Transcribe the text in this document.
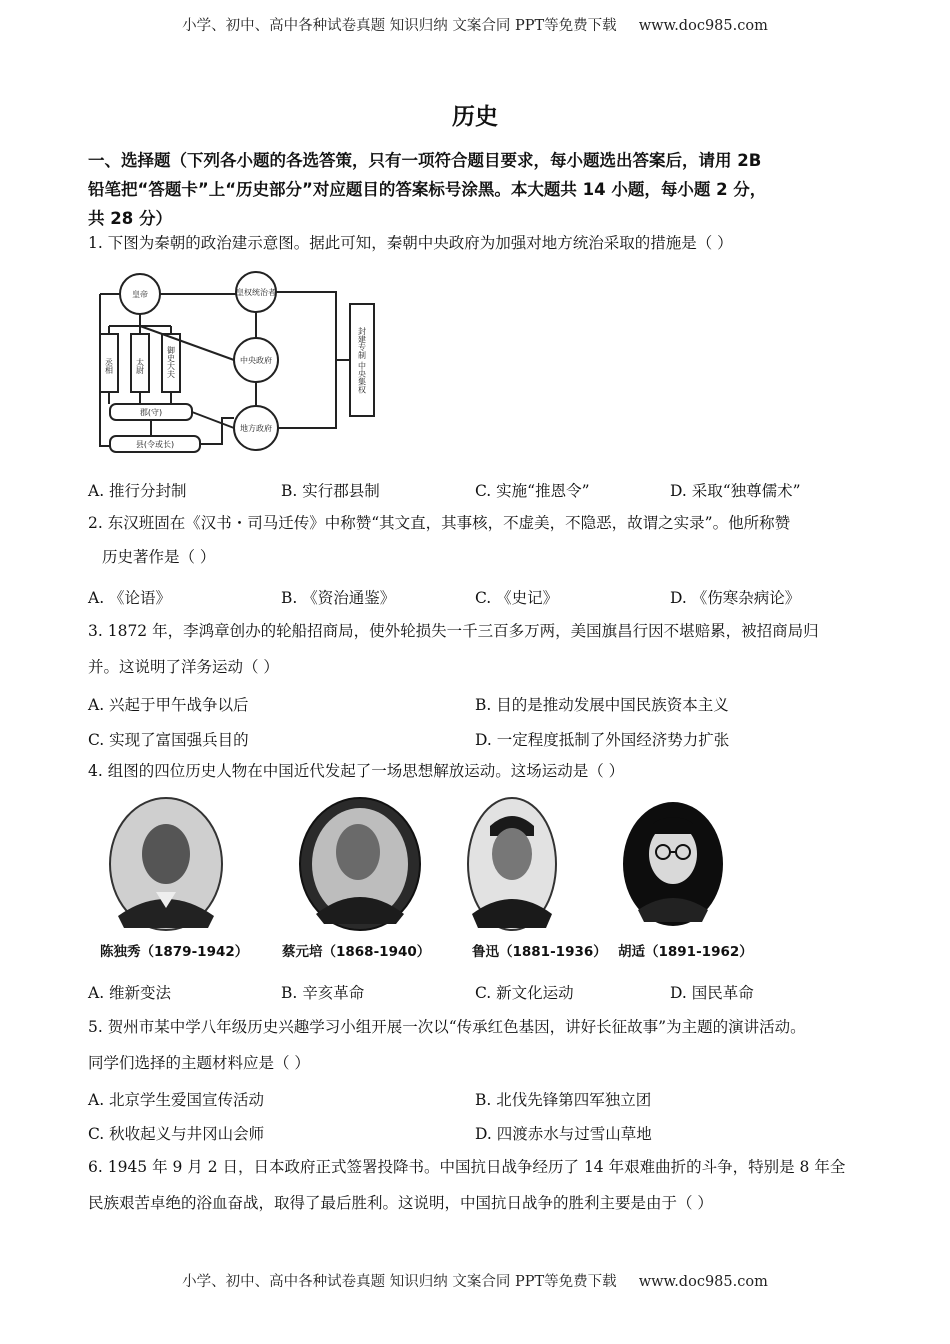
小学、初中、高中各种试卷真题 知识归纳 文案合同 PPT等免费下载 www.doc985.com
历史
一、选择题（下列各小题的各选答策，只有一项符合题目要求，每小题选出答案后，请用 2B
铅笔把“答题卡”上“历史部分”对应题目的答案标号涂黑。本大题共 14 小题，每小题 2 分，
共 28 分）
1. 下图为秦朝的政治建示意图。据此可知，秦朝中央政府为加强对地方统治采取的措施是（ ）
皇帝	皇权统治者
中央政府
地方政府
郡(守)
县(令或长)
丞相	太尉	御史大夫	封建专制 中央集权
A. 推行分封制	B. 实行郡县制	C. 实施“推恩令”	D. 采取“独尊儒术”
2. 东汉班固在《汉书・司马迁传》中称赞“其文直，其事核，不虚美，不隐恶，故谓之实录”。他所称赞
历史著作是（ ）
A. 《论语》	B. 《资治通鉴》	C. 《史记》	D. 《伤寒杂病论》
3. 1872 年，李鸿章创办的轮船招商局，使外轮损失一千三百多万两，美国旗昌行因不堪赔累，被招商局归
并。这说明了洋务运动（ ）
A. 兴起于甲午战争以后	B. 目的是推动发展中国民族资本主义
C. 实现了富国强兵目的	D. 一定程度抵制了外国经济势力扩张
4. 组图的四位历史人物在中国近代发起了一场思想解放运动。这场运动是（ ）
陈独秀（1879-1942）	蔡元培（1868-1940）	鲁迅（1881-1936） 胡适（1891-1962）
A. 维新变法	B. 辛亥革命	C. 新文化运动	D. 国民革命
5. 贺州市某中学八年级历史兴趣学习小组开展一次以“传承红色基因，讲好长征故事”为主题的演讲活动。
同学们选择的主题材料应是（ ）
A. 北京学生爱国宣传活动	B. 北伐先锋第四军独立团
C. 秋收起义与井冈山会师	D. 四渡赤水与过雪山草地
6. 1945 年 9 月 2 日，日本政府正式签署投降书。中国抗日战争经历了 14 年艰难曲折的斗争，特别是 8 年全
民族艰苦卓绝的浴血奋战，取得了最后胜利。这说明，中国抗日战争的胜利主要是由于（ ）
小学、初中、高中各种试卷真题 知识归纳 文案合同 PPT等免费下载 www.doc985.com
